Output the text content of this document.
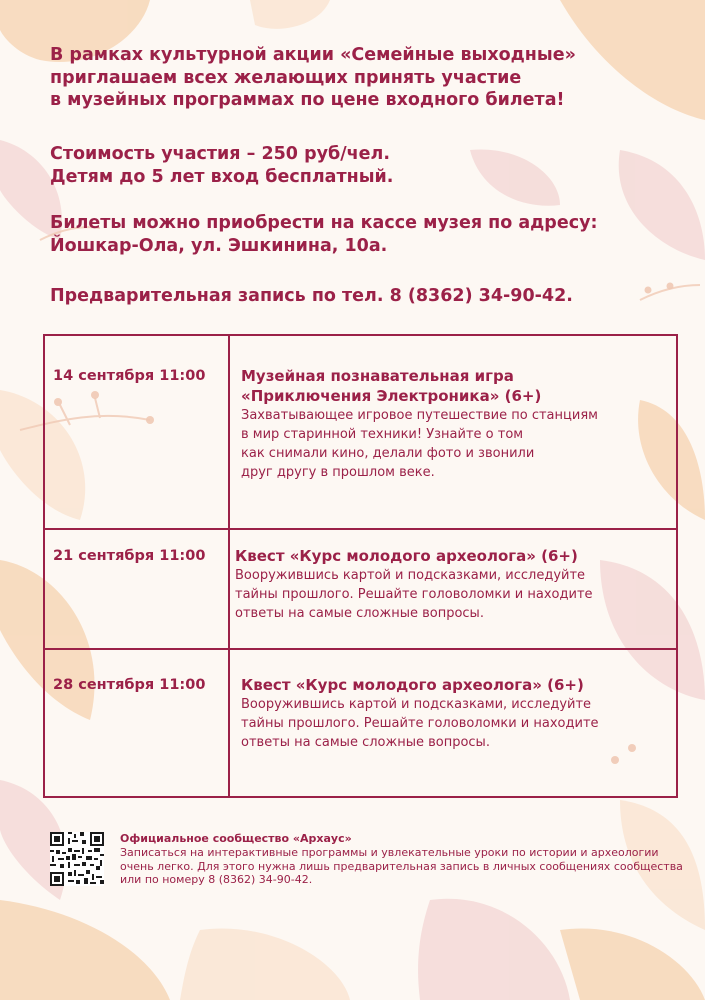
В рамках культурной акции «Семейные выходные»
приглашаем всех желающих принять участие
в музейных программах по цене входного билета!
Стоимость участия – 250 руб/чел.
Детям до 5 лет вход бесплатный.
Билеты можно приобрести на кассе музея по адресу:
Йошкар-Ола, ул. Эшкинина, 10а.
Предварительная запись по тел. 8 (8362) 34-90-42.
14 сентября 11:00	Музейная познавательная игра
«Приключения Электроника» (6+)
Захватывающее игровое путешествие по станциям
в мир старинной техники! Узнайте о том
как снимали кино, делали фото и звонили
друг другу в прошлом веке.
21 сентября 11:00	Квест «Курс молодого археолога» (6+)
Вооружившись картой и подсказками, исследуйте
тайны прошлого. Решайте головоломки и находите
ответы на самые сложные вопросы.
28 сентября 11:00	Квест «Курс молодого археолога» (6+)
Вооружившись картой и подсказками, исследуйте
тайны прошлого. Решайте головоломки и находите
ответы на самые сложные вопросы.
Официальное сообщество «Архаус»
Записаться на интерактивные программы и увлекательные уроки по истории и археологии
очень легко. Для этого нужна лишь предварительная запись в личных сообщениях сообщества
или по номеру 8 (8362) 34-90-42.
